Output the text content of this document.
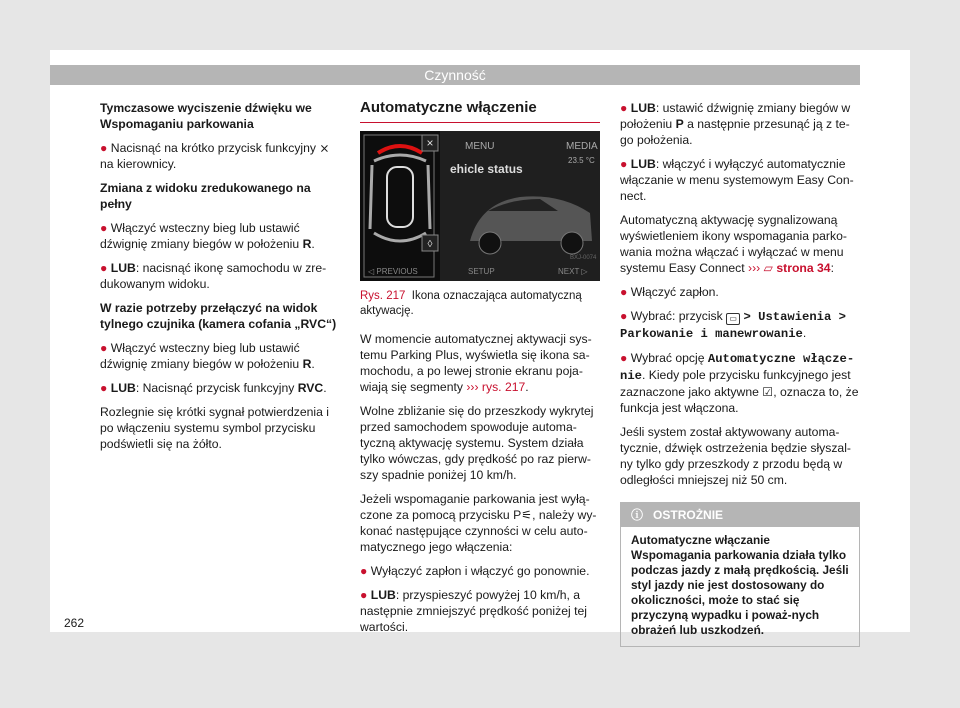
Czynność

Tymczasowe wyciszenie dźwięku we Wspomaganiu parkowania

● Nacisnąć na krótko przycisk funkcyjny ⨯ na kierownicy.

Zmiana z widoku zredukowanego na pełny

● Włączyć wsteczny bieg lub ustawić dźwignię zmiany biegów w położeniu R.

● LUB: nacisnąć ikonę samochodu w zre-dukowanym widoku.

W razie potrzeby przełączyć na widok tylnego czujnika (kamera cofania „RVC“)

● Włączyć wsteczny bieg lub ustawić dźwignię zmiany biegów w położeniu R.

● LUB: Nacisnąć przycisk funkcyjny RVC.

Rozlegnie się krótki sygnał potwierdzenia i po włączeniu systemu symbol przycisku podświetli się na żółto.

Automatyczne włączenie
×
◊
MENU	MEDIA
ehicle status
23.5 °C
◁ PREVIOUS	SETUP	NEXT ▷
BXJ-0074
Rys. 217 Ikona oznaczająca automatyczną aktywację.

W momencie automatycznej aktywacji sys-temu Parking Plus, wyświetla się ikona sa-mochodu, a po lewej stronie ekranu poja-wiają się segmenty ››› rys. 217.

Wolne zbliżanie się do przeszkody wykrytej przed samochodem spowoduje automa-tyczną aktywację systemu. System działa tylko wówczas, gdy prędkość po raz pierw-szy spadnie poniżej 10 km/h.

Jeżeli wspomaganie parkowania jest wyłą-czone za pomocą przycisku P⚟, należy wy-konać następujące czynności w celu auto-matycznego jego włączenia:

● Wyłączyć zapłon i włączyć go ponownie.

● LUB: przyspieszyć powyżej 10 km/h, a następnie zmniejszyć prędkość poniżej tej wartości.

● LUB: ustawić dźwignię zmiany biegów w położeniu P a następnie przesunąć ją z te-go położenia.

● LUB: włączyć i wyłączyć automatycznie włączanie w menu systemowym Easy Con-nect.

Automatyczną aktywację sygnalizowaną wyświetleniem ikony wspomagania parko-wania można włączać i wyłączać w menu systemu Easy Connect ››› ▱ strona 34:

● Włączyć zapłon.

● Wybrać: przycisk ▭ > Ustawienia > Parkowanie i manewrowanie.

● Wybrać opcję Automatyczne włącze-nie. Kiedy pole przycisku funkcyjnego jest zaznaczone jako aktywne ☑, oznacza to, że funkcja jest włączona.

Jeśli system został aktywowany automa-tycznie, dźwięk ostrzeżenia będzie słyszal-ny tylko gdy przeszkody z przodu będą w odległości mniejszej niż 50 cm.

ⓘ OSTROŻNIE
Automatyczne włączanie Wspomagania parkowania działa tylko podczas jazdy z małą prędkością. Jeśli styl jazdy nie jest dostosowany do okoliczności, może to stać się przyczyną wypadku i poważ-nych obrażeń lub uszkodzeń.
262
